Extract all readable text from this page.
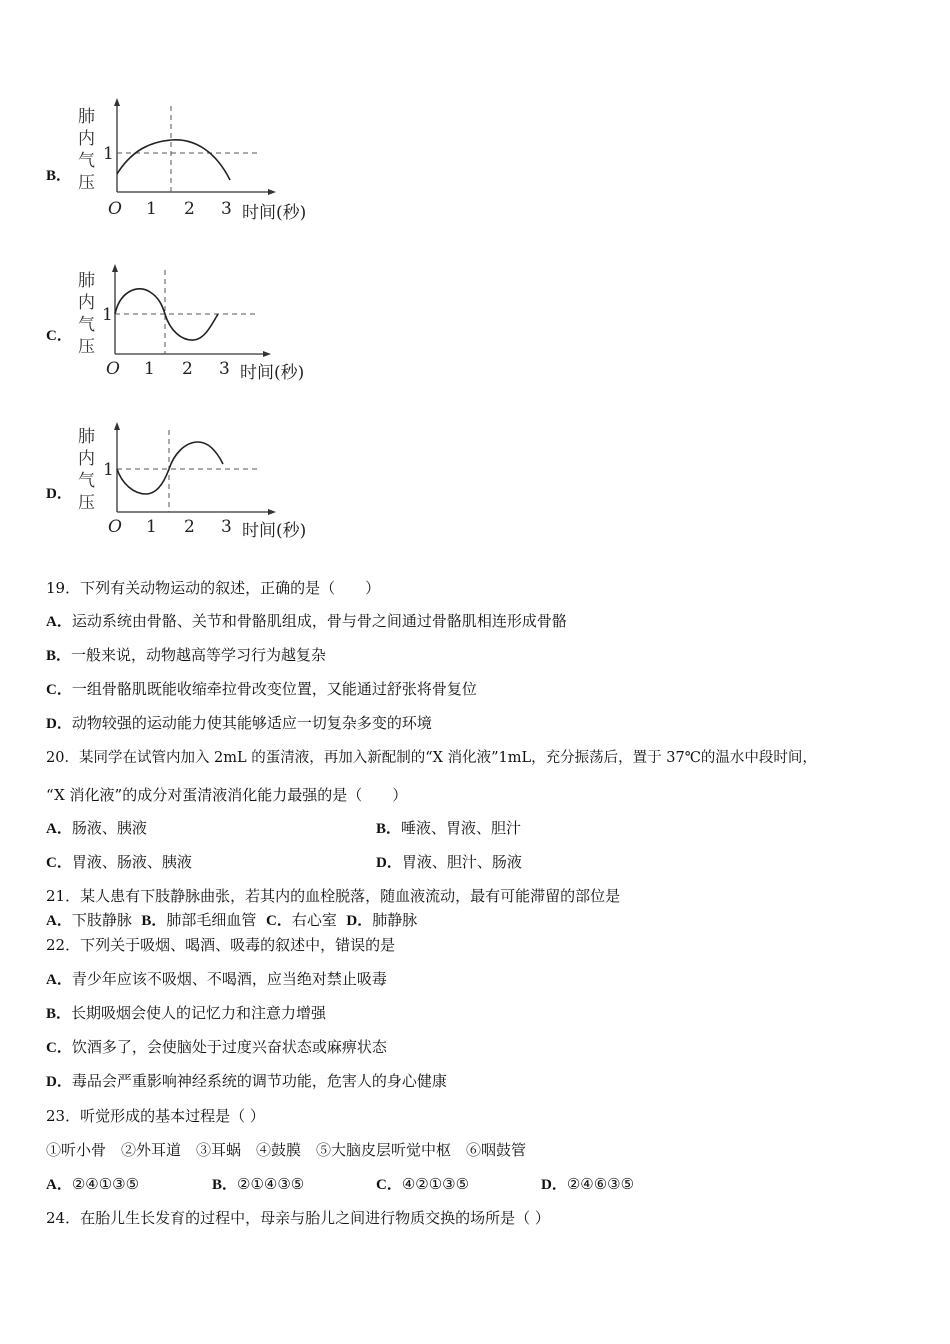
B．
肺
内
气
压
1
O 1 2 3 时间(秒)
C．
肺
内
气
压
1
O 1 2 3 时间(秒)
D．
肺
内
气
压
1
O 1 2 3 时间(秒)
19．下列有关动物运动的叙述，正确的是（　　）
A．运动系统由骨骼、关节和骨骼肌组成，骨与骨之间通过骨骼肌相连形成骨骼
B．一般来说，动物越高等学习行为越复杂
C．一组骨骼肌既能收缩牵拉骨改变位置，又能通过舒张将骨复位
D．动物较强的运动能力使其能够适应一切复杂多变的环境
20．某同学在试管内加入 2mL 的蛋清液，再加入新配制的“X 消化液”1mL，充分振荡后，置于 37℃的温水中段时间，
“X 消化液”的成分对蛋清液消化能力最强的是（　　）
A．肠液、胰液	B．唾液、胃液、胆汁
C．胃液、肠液、胰液	D．胃液、胆汁、肠液
21．某人患有下肢静脉曲张，若其内的血栓脱落，随血液流动，最有可能滞留的部位是
A．下肢静脉 B．肺部毛细血管 C．右心室 D．肺静脉
22．下列关于吸烟、喝酒、吸毒的叙述中，错误的是
A．青少年应该不吸烟、不喝酒，应当绝对禁止吸毒
B．长期吸烟会使人的记忆力和注意力增强
C．饮酒多了，会使脑处于过度兴奋状态或麻痹状态
D．毒品会严重影响神经系统的调节功能，危害人的身心健康
23．听觉形成的基本过程是（ ）
①听小骨　②外耳道　③耳蜗　④鼓膜　⑤大脑皮层听觉中枢　⑥咽鼓管
A．②④①③⑤	B．②①④③⑤	C．④②①③⑤	D．②④⑥③⑤
24．在胎儿生长发育的过程中，母亲与胎儿之间进行物质交换的场所是（ ）
